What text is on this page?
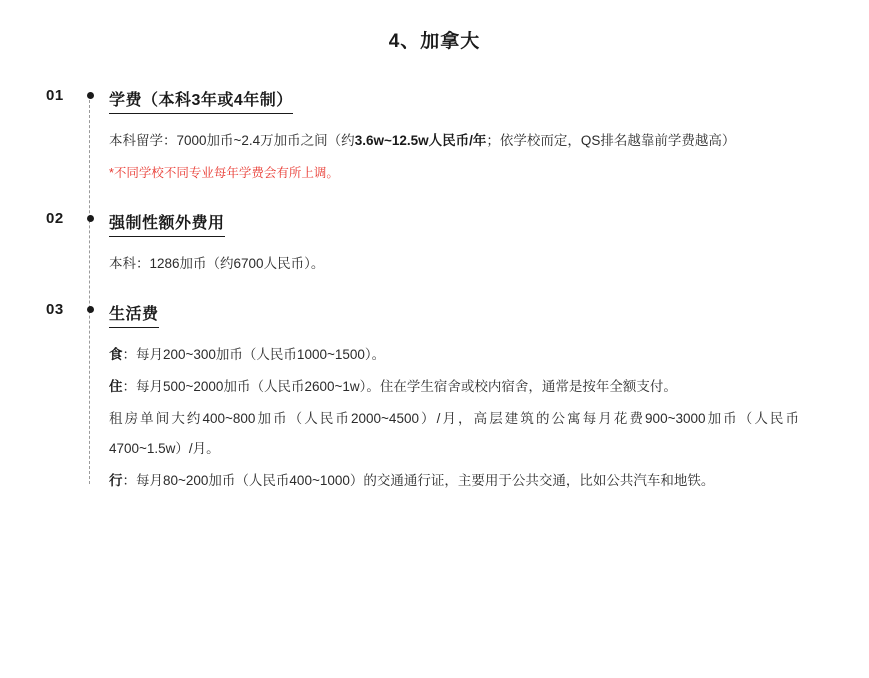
4、加拿大
01	学费（本科3年或4年制）

本科留学：7000加币~2.4万加币之间（约3.6w~12.5w人民币/年；依学校而定，QS排名越靠前学费越高）

*不同学校不同专业每年学费会有所上调。

02	强制性额外费用

本科：1286加币（约6700人民币）。

03	生活费

食：每月200~300加币（人民币1000~1500）。

住：每月500~2000加币（人民币2600~1w）。住在学生宿舍或校内宿舍，通常是按年全额支付。

租房单间大约400~800加币（人民币2000~4500）/月，高层建筑的公寓每月花费900~3000加币（人民币4700~1.5w）/月。

行：每月80~200加币（人民币400~1000）的交通通行证，主要用于公共交通，比如公共汽车和地铁。
